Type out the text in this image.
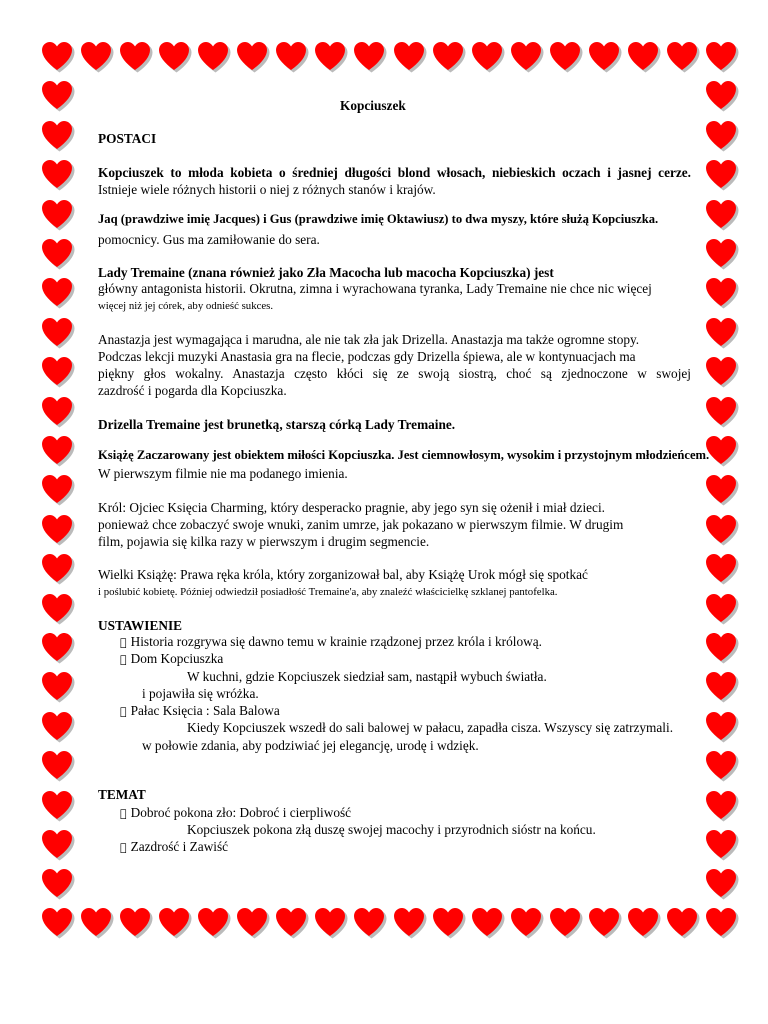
Kopciuszek
POSTACI
Kopciuszek to młoda kobieta o średniej długości blond włosach, niebieskich oczach i jasnej cerze.
Istnieje wiele różnych historii o niej z różnych stanów i krajów.
Jaq (prawdziwe imię Jacques) i Gus (prawdziwe imię Oktawiusz) to dwa myszy, które służą Kopciuszka.
pomocnicy. Gus ma zamiłowanie do sera.
Lady Tremaine (znana również jako Zła Macocha lub macocha Kopciuszka) jest
główny antagonista historii. Okrutna, zimna i wyrachowana tyranka, Lady Tremaine nie chce nic więcej
więcej niż jej córek, aby odnieść sukces.
Anastazja jest wymagająca i marudna, ale nie tak zła jak Drizella. Anastazja ma także ogromne stopy.
Podczas lekcji muzyki Anastasia gra na flecie, podczas gdy Drizella śpiewa, ale w kontynuacjach ma
piękny głos wokalny. Anastazja często kłóci się ze swoją siostrą, choć są zjednoczone w swojej
zazdrość i pogarda dla Kopciuszka.
Drizella Tremaine jest brunetką, starszą córką Lady Tremaine.
Książę Zaczarowany jest obiektem miłości Kopciuszka. Jest ciemnowłosym, wysokim i przystojnym młodzieńcem.
W pierwszym filmie nie ma podanego imienia.
Król: Ojciec Księcia Charming, który desperacko pragnie, aby jego syn się ożenił i miał dzieci.
ponieważ chce zobaczyć swoje wnuki, zanim umrze, jak pokazano w pierwszym filmie. W drugim
film, pojawia się kilka razy w pierwszym i drugim segmencie.
Wielki Książę: Prawa ręka króla, który zorganizował bal, aby Książę Urok mógł się spotkać
i poślubić kobietę. Później odwiedził posiadłość Tremaine'a, aby znaleźć właścicielkę szklanej pantofelka.
USTAWIENIE
Historia rozgrywa się dawno temu w krainie rządzonej przez króla i królową.
Dom Kopciuszka
W kuchni, gdzie Kopciuszek siedział sam, nastąpił wybuch światła.
i pojawiła się wróżka.
Pałac Księcia : Sala Balowa
Kiedy Kopciuszek wszedł do sali balowej w pałacu, zapadła cisza. Wszyscy się zatrzymali.
w połowie zdania, aby podziwiać jej elegancję, urodę i wdzięk.
TEMAT
Dobroć pokona zło: Dobroć i cierpliwość
Kopciuszek pokona złą duszę swojej macochy i przyrodnich sióstr na końcu.
Zazdrość i Zawiść
